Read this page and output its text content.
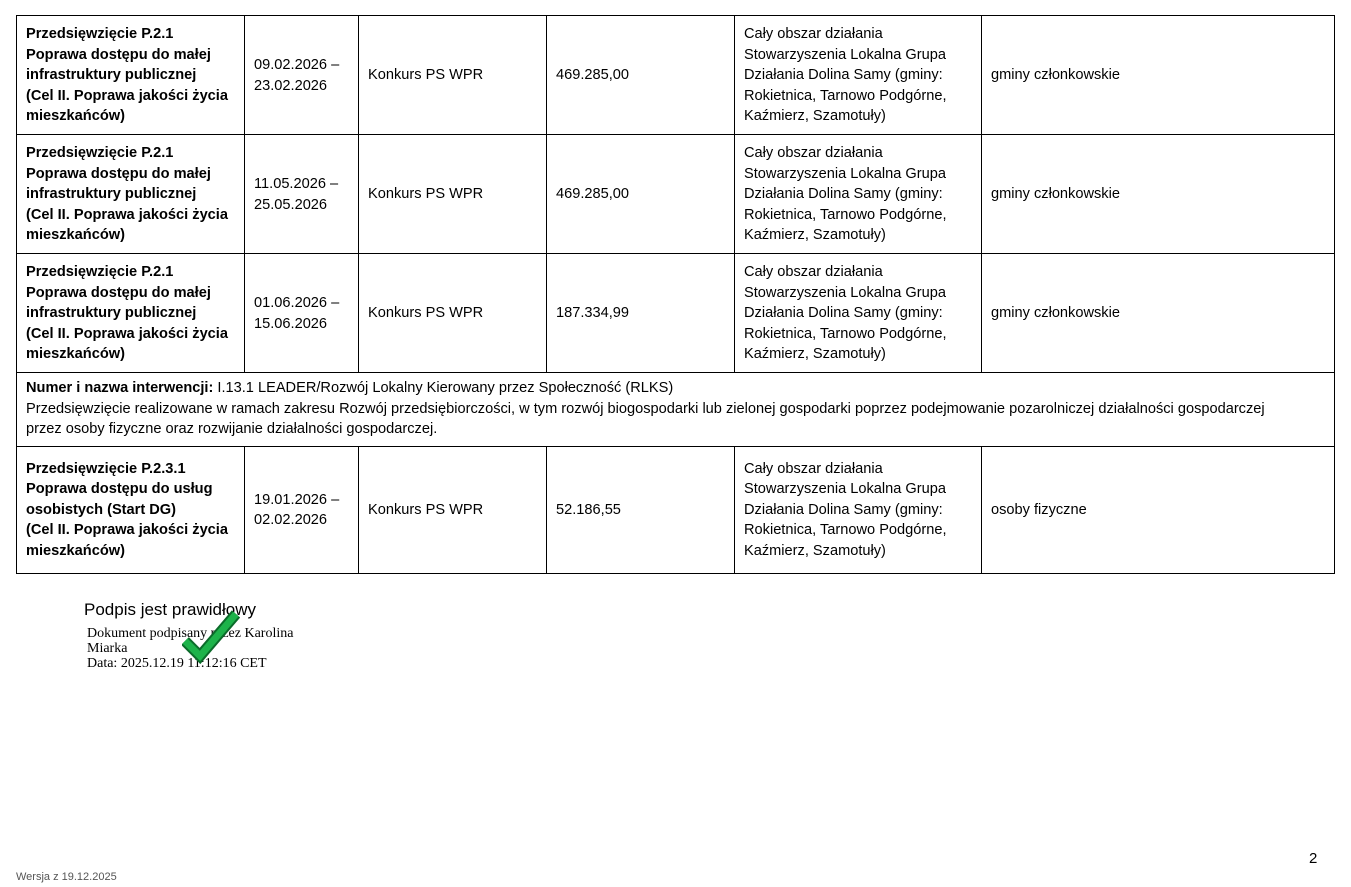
Przedsięwzięcie P.2.1
Poprawa dostępu do małej
infrastruktury publicznej
(Cel II. Poprawa jakości życia
mieszkańców)	09.02.2026 –
23.02.2026	Konkurs PS WPR	469.285,00	Cały obszar działania
Stowarzyszenia Lokalna Grupa
Działania Dolina Samy (gminy:
Rokietnica, Tarnowo Podgórne,
Kaźmierz, Szamotuły)	gminy członkowskie

Przedsięwzięcie P.2.1
Poprawa dostępu do małej
infrastruktury publicznej
(Cel II. Poprawa jakości życia
mieszkańców)	11.05.2026 –
25.05.2026	Konkurs PS WPR	469.285,00	Cały obszar działania
Stowarzyszenia Lokalna Grupa
Działania Dolina Samy (gminy:
Rokietnica, Tarnowo Podgórne,
Kaźmierz, Szamotuły)	gminy członkowskie

Przedsięwzięcie P.2.1
Poprawa dostępu do małej
infrastruktury publicznej
(Cel II. Poprawa jakości życia
mieszkańców)	01.06.2026 –
15.06.2026	Konkurs PS WPR	187.334,99	Cały obszar działania
Stowarzyszenia Lokalna Grupa
Działania Dolina Samy (gminy:
Rokietnica, Tarnowo Podgórne,
Kaźmierz, Szamotuły)	gminy członkowskie

Numer i nazwa interwencji: I.13.1 LEADER/Rozwój Lokalny Kierowany przez Społeczność (RLKS)
Przedsięwzięcie realizowane w ramach zakresu Rozwój przedsiębiorczości, w tym rozwój biogospodarki lub zielonej gospodarki poprzez podejmowanie pozarolniczej działalności gospodarczej
przez osoby fizyczne oraz rozwijanie działalności gospodarczej.					

Przedsięwzięcie P.2.3.1
Poprawa dostępu do usług
osobistych (Start DG)
(Cel II. Poprawa jakości życia
mieszkańców)	19.01.2026 –
02.02.2026	Konkurs PS WPR	52.186,55	Cały obszar działania
Stowarzyszenia Lokalna Grupa
Działania Dolina Samy (gminy:
Rokietnica, Tarnowo Podgórne,
Kaźmierz, Szamotuły)	osoby fizyczne

Podpis jest prawidłowy

Dokument podpisany przez Karolina
Miarka
Data: 2025.12.19 11:12:16 CET
2
Wersja z 19.12.2025
